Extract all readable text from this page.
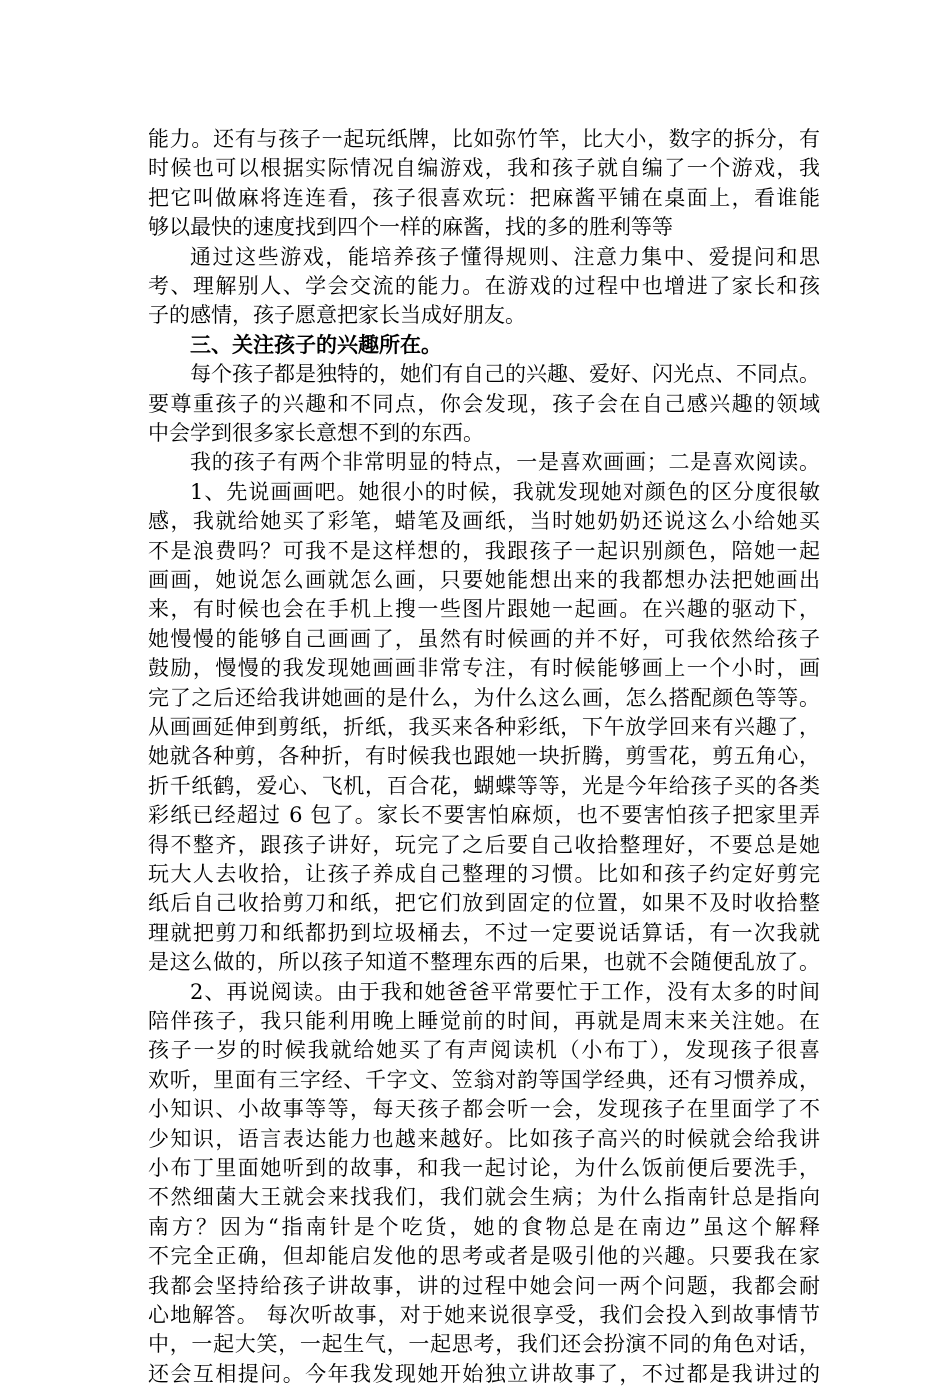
能力。还有与孩子一起玩纸牌，比如弥竹竿，比大小，数字的拆分，有
时候也可以根据实际情况自编游戏，我和孩子就自编了一个游戏，我
把它叫做麻将连连看，孩子很喜欢玩：把麻酱平铺在桌面上，看谁能
够以最快的速度找到四个一样的麻酱，找的多的胜利等等
通过这些游戏，能培养孩子懂得规则、注意力集中、爱提问和思
考、理解别人、学会交流的能力。在游戏的过程中也增进了家长和孩
子的感情，孩子愿意把家长当成好朋友。
三、关注孩子的兴趣所在。
每个孩子都是独特的，她们有自己的兴趣、爱好、闪光点、不同点。
要尊重孩子的兴趣和不同点，你会发现，孩子会在自己感兴趣的领域
中会学到很多家长意想不到的东西。
我的孩子有两个非常明显的特点，一是喜欢画画；二是喜欢阅读。
1、先说画画吧。她很小的时候，我就发现她对颜色的区分度很敏
感，我就给她买了彩笔，蜡笔及画纸，当时她奶奶还说这么小给她买
不是浪费吗？可我不是这样想的，我跟孩子一起识别颜色，陪她一起
画画，她说怎么画就怎么画，只要她能想出来的我都想办法把她画出
来，有时候也会在手机上搜一些图片跟她一起画。在兴趣的驱动下，
她慢慢的能够自己画画了，虽然有时候画的并不好，可我依然给孩子
鼓励，慢慢的我发现她画画非常专注，有时候能够画上一个小时，画
完了之后还给我讲她画的是什么，为什么这么画，怎么搭配颜色等等。
从画画延伸到剪纸，折纸，我买来各种彩纸，下午放学回来有兴趣了，
她就各种剪，各种折，有时候我也跟她一块折腾，剪雪花，剪五角心，
折千纸鹤，爱心、飞机，百合花，蝴蝶等等，光是今年给孩子买的各类
彩纸已经超过 6 包了。家长不要害怕麻烦，也不要害怕孩子把家里弄
得不整齐，跟孩子讲好，玩完了之后要自己收拾整理好，不要总是她
玩大人去收拾，让孩子养成自己整理的习惯。比如和孩子约定好剪完
纸后自己收拾剪刀和纸，把它们放到固定的位置，如果不及时收拾整
理就把剪刀和纸都扔到垃圾桶去，不过一定要说话算话，有一次我就
是这么做的，所以孩子知道不整理东西的后果，也就不会随便乱放了。
2、再说阅读。由于我和她爸爸平常要忙于工作，没有太多的时间
陪伴孩子，我只能利用晚上睡觉前的时间，再就是周末来关注她。在
孩子一岁的时候我就给她买了有声阅读机（小布丁），发现孩子很喜
欢听，里面有三字经、千字文、笠翁对韵等国学经典，还有习惯养成，
小知识、小故事等等，每天孩子都会听一会，发现孩子在里面学了不
少知识，语言表达能力也越来越好。比如孩子高兴的时候就会给我讲
小布丁里面她听到的故事，和我一起讨论，为什么饭前便后要洗手，
不然细菌大王就会来找我们，我们就会生病；为什么指南针总是指向
南方？因为“指南针是个吃货，她的食物总是在南边”虽这个解释
不完全正确，但却能启发他的思考或者是吸引他的兴趣。只要我在家
我都会坚持给孩子讲故事，讲的过程中她会问一两个问题，我都会耐
心地解答。 每次听故事，对于她来说很享受，我们会投入到故事情节
中，一起大笑，一起生气，一起思考，我们还会扮演不同的角色对话，
还会互相提问。今年我发现她开始独立讲故事了，不过都是我讲过的
